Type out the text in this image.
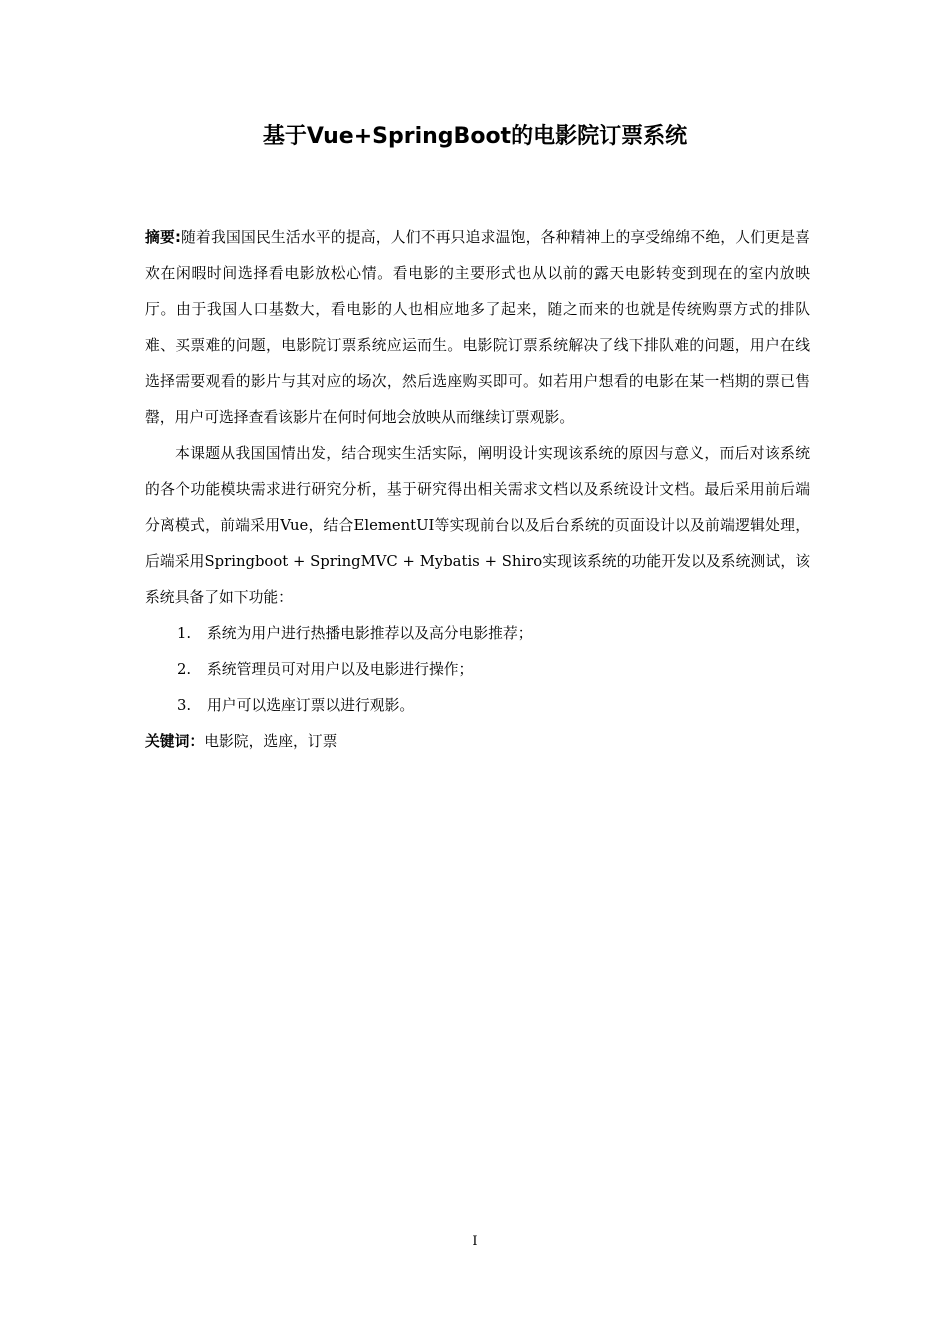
基于Vue+SpringBoot的电影院订票系统

摘要:随着我国国民生活水平的提高，人们不再只追求温饱，各种精神上的享受绵绵不绝，人们更是喜欢在闲暇时间选择看电影放松心情。看电影的主要形式也从以前的露天电影转变到现在的室内放映厅。由于我国人口基数大，看电影的人也相应地多了起来，随之而来的也就是传统购票方式的排队难、买票难的问题，电影院订票系统应运而生。电影院订票系统解决了线下排队难的问题，用户在线选择需要观看的影片与其对应的场次，然后选座购买即可。如若用户想看的电影在某一档期的票已售罄，用户可选择查看该影片在何时何地会放映从而继续订票观影。

本课题从我国国情出发，结合现实生活实际，阐明设计实现该系统的原因与意义，而后对该系统的各个功能模块需求进行研究分析，基于研究得出相关需求文档以及系统设计文档。最后采用前后端分离模式，前端采用Vue，结合ElementUI等实现前台以及后台系统的页面设计以及前端逻辑处理，后端采用Springboot + SpringMVC + Mybatis + Shiro实现该系统的功能开发以及系统测试，该系统具备了如下功能：

1.	系统为用户进行热播电影推荐以及高分电影推荐；
2.	系统管理员可对用户以及电影进行操作；
3.	用户可以选座订票以进行观影。

关键词：电影院，选座，订票

I
